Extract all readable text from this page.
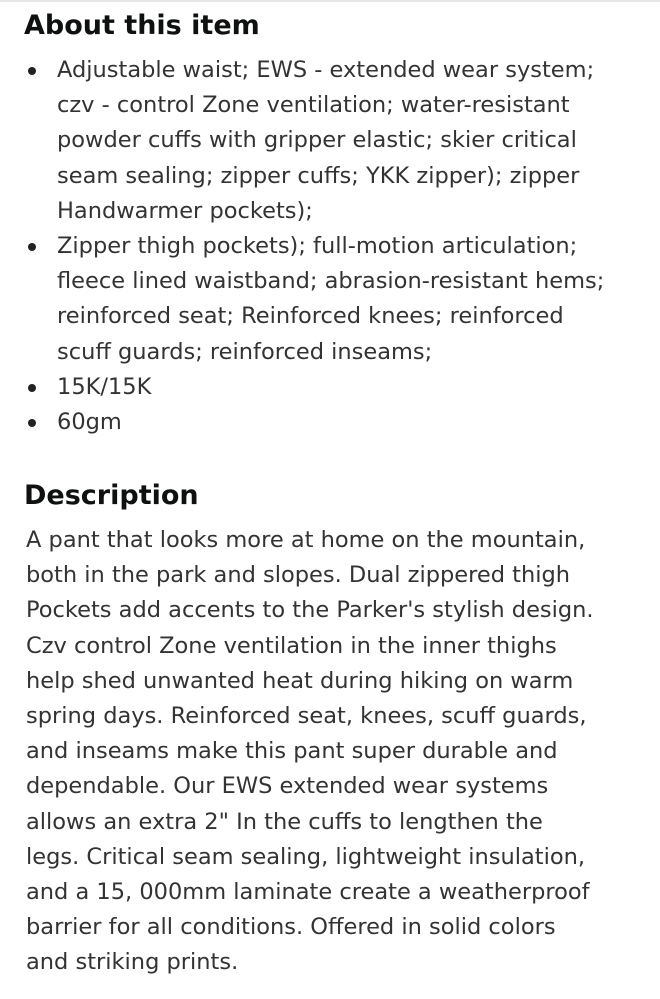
About this item
Adjustable waist; EWS - extended wear system;
czv - control Zone ventilation; water-resistant
powder cuffs with gripper elastic; skier critical
seam sealing; zipper cuffs; YKK zipper); zipper
Handwarmer pockets);
Zipper thigh pockets); full-motion articulation;
fleece lined waistband; abrasion-resistant hems;
reinforced seat; Reinforced knees; reinforced
scuff guards; reinforced inseams;
15K/15K
60gm
Description

A pant that looks more at home on the mountain,
both in the park and slopes. Dual zippered thigh
Pockets add accents to the Parker's stylish design.
Czv control Zone ventilation in the inner thighs
help shed unwanted heat during hiking on warm
spring days. Reinforced seat, knees, scuff guards,
and inseams make this pant super durable and
dependable. Our EWS extended wear systems
allows an extra 2" In the cuffs to lengthen the
legs. Critical seam sealing, lightweight insulation,
and a 15, 000mm laminate create a weatherproof
barrier for all conditions. Offered in solid colors
and striking prints.
